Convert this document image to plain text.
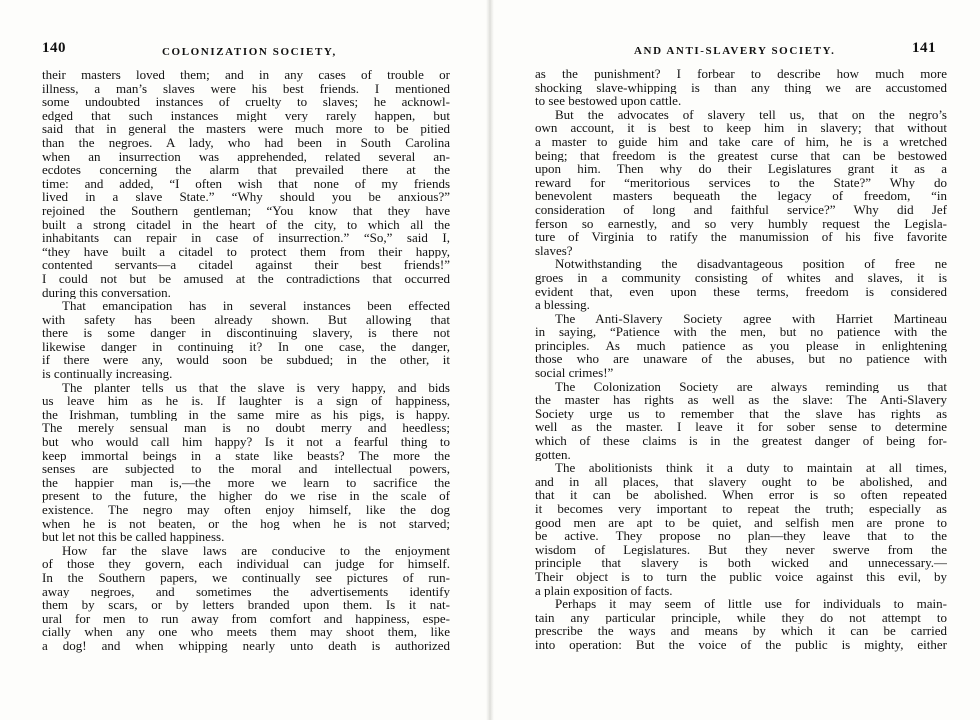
140	COLONIZATION SOCIETY,
their masters loved them; and in any cases of trouble or
illness, a man’s slaves were his best friends. I mentioned
some undoubted instances of cruelty to slaves; he acknowl-
edged that such instances might very rarely happen, but
said that in general the masters were much more to be pitied
than the negroes. A lady, who had been in South Carolina
when an insurrection was apprehended, related several an-
ecdotes concerning the alarm that prevailed there at the
time: and added, “I often wish that none of my friends
lived in a slave State.” “Why should you be anxious?”
rejoined the Southern gentleman; “You know that they have
built a strong citadel in the heart of the city, to which all the
inhabitants can repair in case of insurrection.” “So,” said I,
“they have built a citadel to protect them from their happy,
contented servants—a citadel against their best friends!”
I could not but be amused at the contradictions that occurred
during this conversation.
That emancipation has in several instances been effected
with safety has been already shown. But allowing that
there is some danger in discontinuing slavery, is there not
likewise danger in continuing it? In one case, the danger,
if there were any, would soon be subdued; in the other, it
is continually increasing.
The planter tells us that the slave is very happy, and bids
us leave him as he is. If laughter is a sign of happiness,
the Irishman, tumbling in the same mire as his pigs, is happy.
The merely sensual man is no doubt merry and heedless;
but who would call him happy? Is it not a fearful thing to
keep immortal beings in a state like beasts? The more the
senses are subjected to the moral and intellectual powers,
the happier man is,—the more we learn to sacrifice the
present to the future, the higher do we rise in the scale of
existence. The negro may often enjoy himself, like the dog
when he is not beaten, or the hog when he is not starved;
but let not this be called happiness.
How far the slave laws are conducive to the enjoyment
of those they govern, each individual can judge for himself.
In the Southern papers, we continually see pictures of run-
away negroes, and sometimes the advertisements identify
them by scars, or by letters branded upon them. Is it nat-
ural for men to run away from comfort and happiness, espe-
cially when any one who meets them may shoot them, like
a dog! and when whipping nearly unto death is authorized
AND ANTI-SLAVERY SOCIETY.	141
as the punishment? I forbear to describe how much more
shocking slave-whipping is than any thing we are accustomed
to see bestowed upon cattle.
But the advocates of slavery tell us, that on the negro’s
own account, it is best to keep him in slavery; that without
a master to guide him and take care of him, he is a wretched
being; that freedom is the greatest curse that can be bestowed
upon him. Then why do their Legislatures grant it as a
reward for “meritorious services to the State?” Why do
benevolent masters bequeath the legacy of freedom, “in
consideration of long and faithful service?” Why did Jef
ferson so earnestly, and so very humbly request the Legisla-
ture of Virginia to ratify the manumission of his five favorite
slaves?
Notwithstanding the disadvantageous position of free ne
groes in a community consisting of whites and slaves, it is
evident that, even upon these terms, freedom is considered
a blessing.
The Anti-Slavery Society agree with Harriet Martineau
in saying, “Patience with the men, but no patience with the
principles. As much patience as you please in enlightening
those who are unaware of the abuses, but no patience with
social crimes!”
The Colonization Society are always reminding us that
the master has rights as well as the slave: The Anti-Slavery
Society urge us to remember that the slave has rights as
well as the master. I leave it for sober sense to determine
which of these claims is in the greatest danger of being for-
gotten.
The abolitionists think it a duty to maintain at all times,
and in all places, that slavery ought to be abolished, and
that it can be abolished. When error is so often repeated
it becomes very important to repeat the truth; especially as
good men are apt to be quiet, and selfish men are prone to
be active. They propose no plan—they leave that to the
wisdom of Legislatures. But they never swerve from the
principle that slavery is both wicked and unnecessary.—
Their object is to turn the public voice against this evil, by
a plain exposition of facts.
Perhaps it may seem of little use for individuals to main-
tain any particular principle, while they do not attempt to
prescribe the ways and means by which it can be carried
into operation: But the voice of the public is mighty, either
